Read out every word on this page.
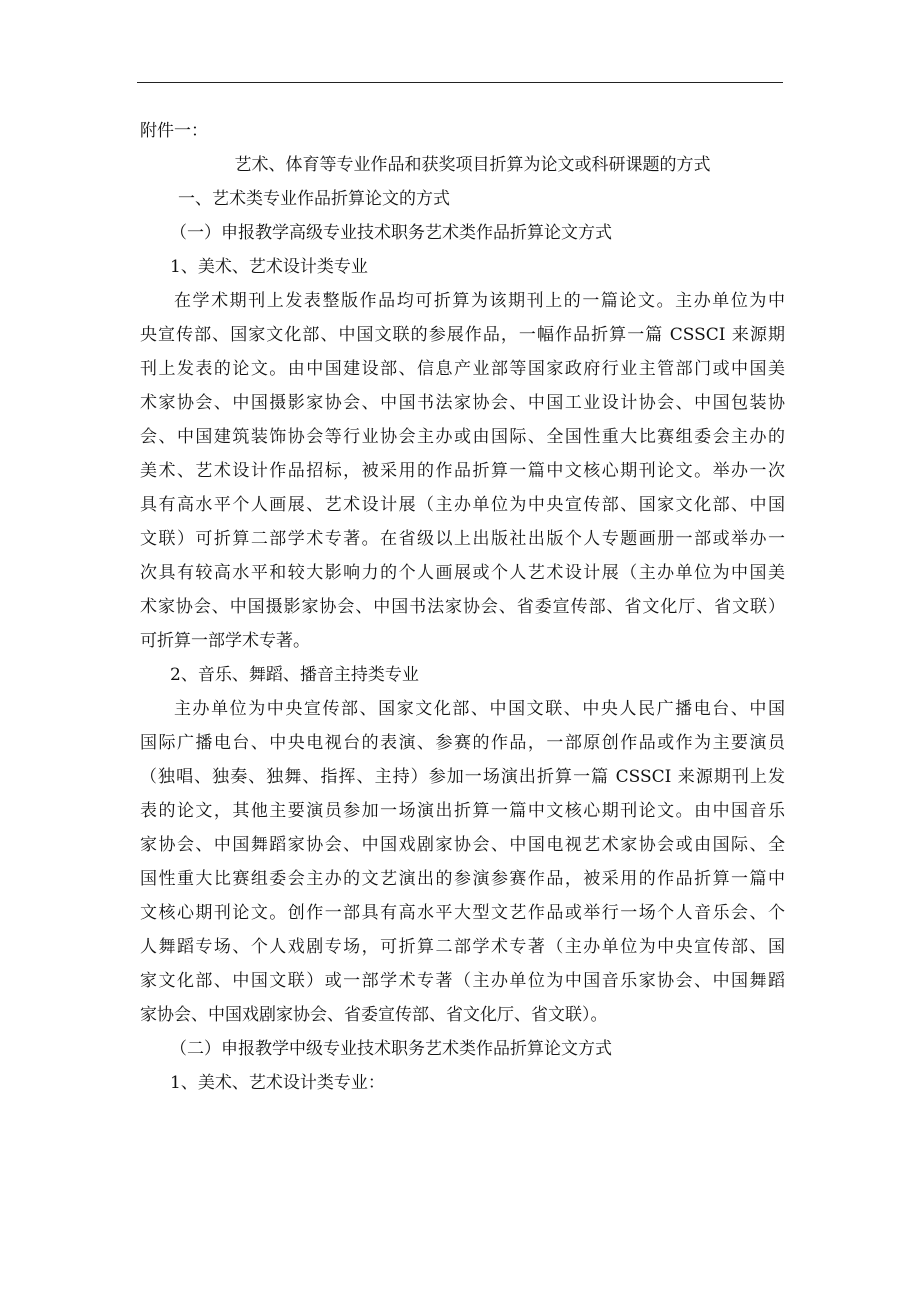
附件一：
艺术、体育等专业作品和获奖项目折算为论文或科研课题的方式
一、艺术类专业作品折算论文的方式
（一）申报教学高级专业技术职务艺术类作品折算论文方式
1、美术、艺术设计类专业
在学术期刊上发表整版作品均可折算为该期刊上的一篇论文。主办单位为中
央宣传部、国家文化部、中国文联的参展作品，一幅作品折算一篇 CSSCI 来源期
刊上发表的论文。由中国建设部、信息产业部等国家政府行业主管部门或中国美
术家协会、中国摄影家协会、中国书法家协会、中国工业设计协会、中国包装协
会、中国建筑装饰协会等行业协会主办或由国际、全国性重大比赛组委会主办的
美术、艺术设计作品招标，被采用的作品折算一篇中文核心期刊论文。举办一次
具有高水平个人画展、艺术设计展（主办单位为中央宣传部、国家文化部、中国
文联）可折算二部学术专著。在省级以上出版社出版个人专题画册一部或举办一
次具有较高水平和较大影响力的个人画展或个人艺术设计展（主办单位为中国美
术家协会、中国摄影家协会、中国书法家协会、省委宣传部、省文化厅、省文联）
可折算一部学术专著。
2、音乐、舞蹈、播音主持类专业
主办单位为中央宣传部、国家文化部、中国文联、中央人民广播电台、中国
国际广播电台、中央电视台的表演、参赛的作品，一部原创作品或作为主要演员
（独唱、独奏、独舞、指挥、主持）参加一场演出折算一篇 CSSCI 来源期刊上发
表的论文，其他主要演员参加一场演出折算一篇中文核心期刊论文。由中国音乐
家协会、中国舞蹈家协会、中国戏剧家协会、中国电视艺术家协会或由国际、全
国性重大比赛组委会主办的文艺演出的参演参赛作品，被采用的作品折算一篇中
文核心期刊论文。创作一部具有高水平大型文艺作品或举行一场个人音乐会、个
人舞蹈专场、个人戏剧专场，可折算二部学术专著（主办单位为中央宣传部、国
家文化部、中国文联）或一部学术专著（主办单位为中国音乐家协会、中国舞蹈
家协会、中国戏剧家协会、省委宣传部、省文化厅、省文联）。
（二）申报教学中级专业技术职务艺术类作品折算论文方式
1、美术、艺术设计类专业：
